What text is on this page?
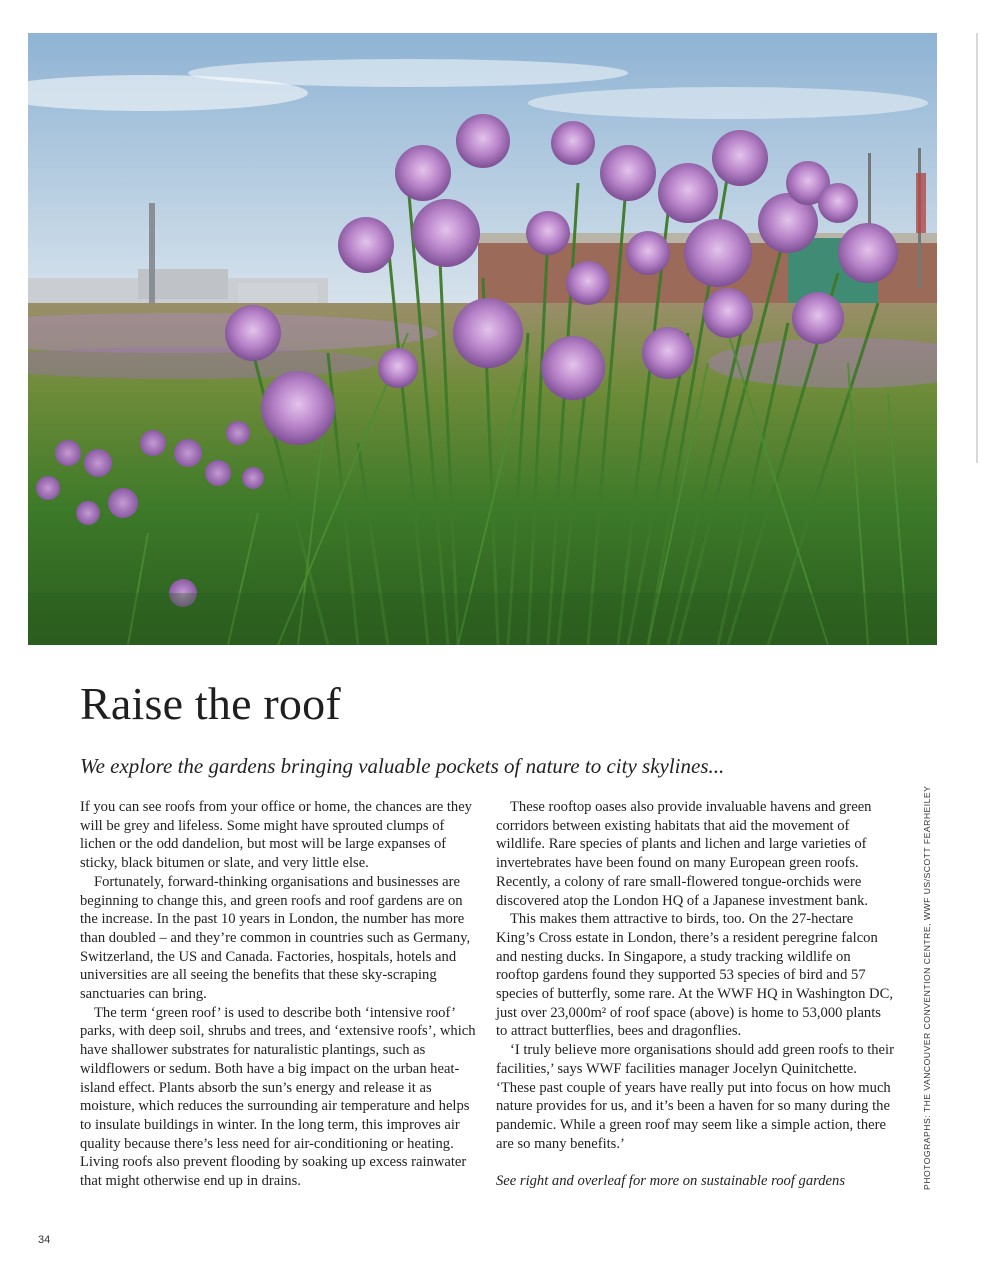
Raise the roof

We explore the gardens bringing valuable pockets of nature to city skylines...

If you can see roofs from your office or home, the chances are they will be grey and lifeless. Some might have sprouted clumps of lichen or the odd dandelion, but most will be large expanses of sticky, black bitumen or slate, and very little else.

Fortunately, forward-thinking organisations and businesses are beginning to change this, and green roofs and roof gardens are on the increase. In the past 10 years in London, the number has more than doubled – and they’re common in countries such as Germany, Switzerland, the US and Canada. Factories, hospitals, hotels and universities are all seeing the benefits that these sky-scraping sanctuaries can bring.

The term ‘green roof’ is used to describe both ‘intensive roof’ parks, with deep soil, shrubs and trees, and ‘extensive roofs’, which have shallower substrates for naturalistic plantings, such as wildflowers or sedum. Both have a big impact on the urban heat-island effect. Plants absorb the sun’s energy and release it as moisture, which reduces the surrounding air temperature and helps to insulate buildings in winter. In the long term, this improves air quality because there’s less need for air-conditioning or heating. Living roofs also prevent flooding by soaking up excess rainwater that might otherwise end up in drains.

These rooftop oases also provide invaluable havens and green corridors between existing habitats that aid the movement of wildlife. Rare species of plants and lichen and large varieties of invertebrates have been found on many European green roofs. Recently, a colony of rare small-flowered tongue-orchids were discovered atop the London HQ of a Japanese investment bank.

This makes them attractive to birds, too. On the 27-hectare King’s Cross estate in London, there’s a resident peregrine falcon and nesting ducks. In Singapore, a study tracking wildlife on rooftop gardens found they supported 53 species of bird and 57 species of butterfly, some rare. At the WWF HQ in Washington DC, just over 23,000m² of roof space (above) is home to 53,000 plants to attract butterflies, bees and dragonflies.

‘I truly believe more organisations should add green roofs to their facilities,’ says WWF facilities manager Jocelyn Quinitchette. ‘These past couple of years have really put into focus on how much nature provides for us, and it’s been a haven for so many during the pandemic. While a green roof may seem like a simple action, there are so many benefits.’

See right and overleaf for more on sustainable roof gardens	PHOTOGRAPHS: THE VANCOUVER CONVENTION CENTRE, WWF US/SCOTT FEARHEILEY
34
